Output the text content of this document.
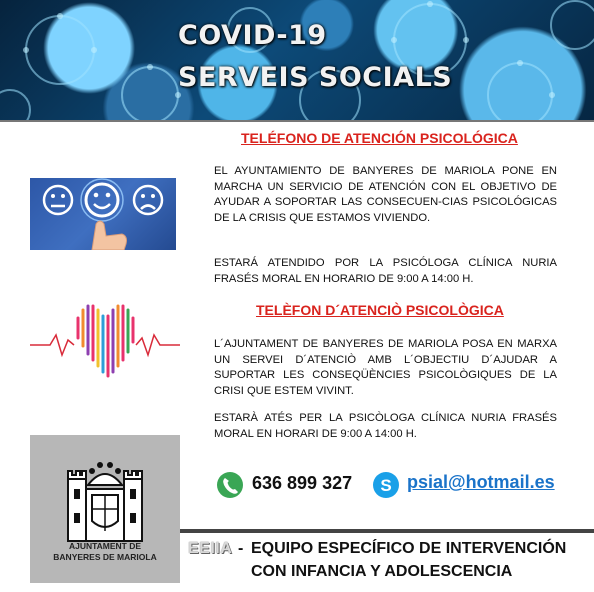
COVID-19
SERVEIS SOCIALS
TELÉFONO DE ATENCIÓN PSICOLÓGICA
EL AYUNTAMIENTO DE BANYERES DE MARIOLA PONE EN MARCHA UN SERVICIO DE ATENCIÓN CON EL OBJETIVO DE AYUDAR A SOPORTAR LAS CONSECUEN-CIAS PSICOLÓGICAS DE LA CRISIS QUE ESTAMOS VIVIENDO.
ESTARÁ ATENDIDO POR LA PSICÓLOGA CLÍNICA NURIA FRASÉS MORAL EN HORARIO DE 9:00 A 14:00 H.
TELÈFON D´ATENCIÒ PSICOLÒGICA
L´AJUNTAMENT DE BANYERES DE MARIOLA POSA EN MARXA UN SERVEI D´ATENCIÒ AMB L´OBJECTIU D´AJUDAR A SUPORTAR LES CONSEQÜÈNCIES PSICOLÒGIQUES DE LA CRISI QUE ESTEM VIVINT.
ESTARÀ ATÉS PER LA PSICÒLOGA CLÍNICA NURIA FRASÉS MORAL EN HORARI DE 9:00 A 14:00 H.
AJUNTAMENT DE
BANYERES DE MARIOLA
636 899 327 S psial@hotmail.es
EEIIA - EQUIPO ESPECÍFICO DE INTERVENCIÓN
CON INFANCIA Y ADOLESCENCIA
